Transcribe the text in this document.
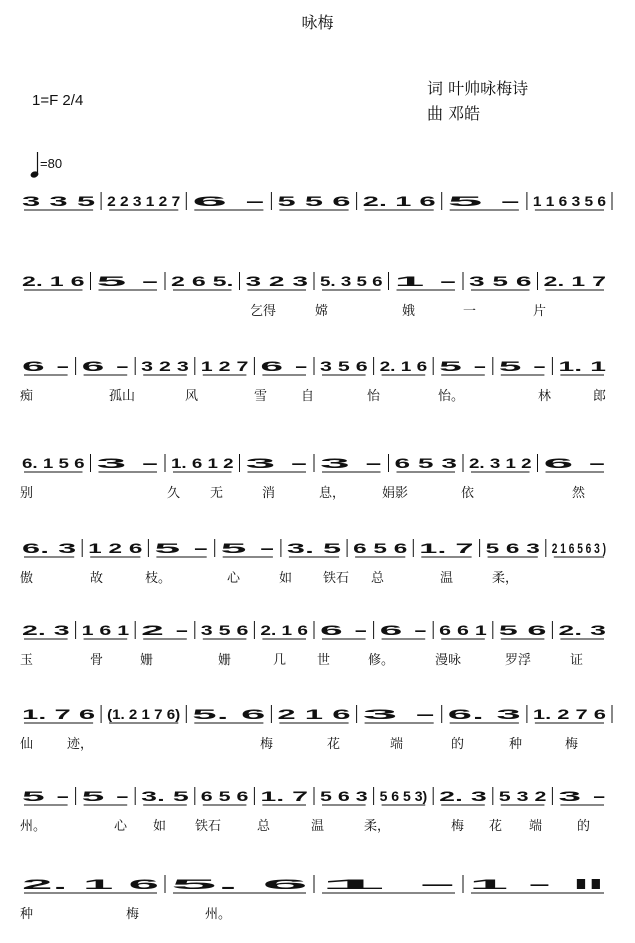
咏梅
1=F 2/4
词 叶帅咏梅诗
曲 邓皓
=80
3 3 5 2 2 3 1 2 7 6 - 5 5 6 2. 1 6 5 - 1 1 6 3 5 6
2. 1 6 5 - 2 6 5. 3 2 3 5. 3 5 6 1 - 3 5 6 2. 1 7
乞得	嫦	娥	一	片
6 - 6 - 3 2 3 1 2 7 6 - 3 5 6 2. 1 6 5 - 5 - 1. 1
痴	孤山	风	雪	自	怡	怡。	林	郎
6. 1 5 6 3 - 1. 6 1 2 3 - 3 - 6 5 3 2. 3 1 2 6 -
别	久 无	消	息，	娟影	依	然
6. 3 1 2 6 5 - 5 - 3. 5 6 5 6 1. 7 5 6 3 2 1 6 5 6 3 )
傲	故	枝。	心	如 铁石 总	温	柔，
2. 3 1 6 1 2 - 3 5 6 2. 1 6 6 - 6 - 6 6 1 5 6 2. 3
玉	骨	姗	姗	几 世	修。	漫咏	罗浮	证
1. 7 6 (1. 2 1 7 6) 5. 6 2 1 6 3 - 6. 3 1. 2 7 6
仙	迹，	梅	花	端	的	种	梅
5 - 5 - 3. 5 6 5 6 1. 7 5 6 3 5 6 5 3) 2. 3 5 3 2 3 -
州。	心 如 铁石	总	温	柔，	梅 花 端	的
2. 1 6 5. 6 1 - 1 - ‖
种	梅	州。
